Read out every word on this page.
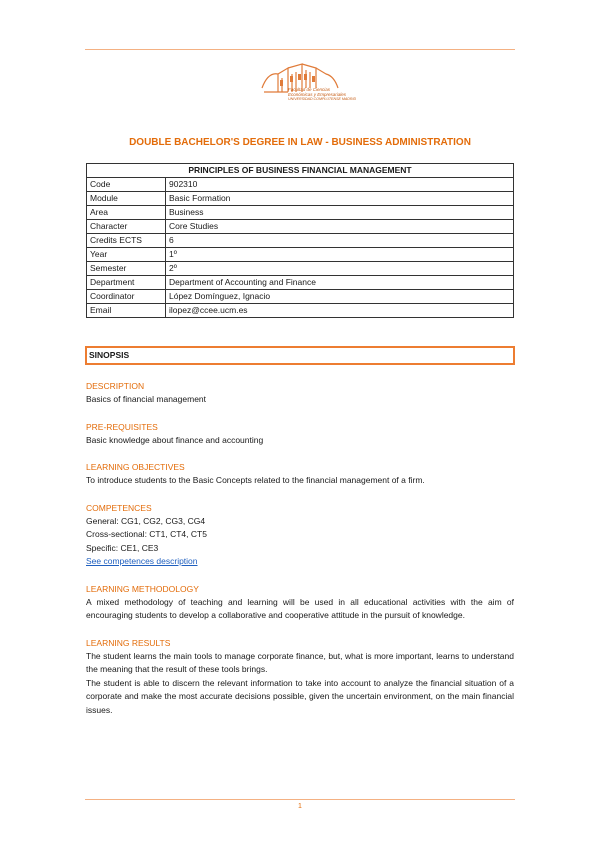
Facultad de Ciencias
Económicas y Empresariales
UNIVERSIDAD COMPLUTENSE MADRID
DOUBLE BACHELOR'S DEGREE IN LAW - BUSINESS ADMINISTRATION
PRINCIPLES OF BUSINESS FINANCIAL MANAGEMENT	
Code	902310
Module	Basic Formation
Area	Business
Character	Core Studies
Credits ECTS	6
Year	1º
Semester	2º
Department	Department of Accounting and Finance
Coordinator	López Domínguez, Ignacio
Email	ilopez@ccee.ucm.es
SINOPSIS
DESCRIPTION

Basics of financial management

PRE-REQUISITES

Basic knowledge about finance and accounting

LEARNING OBJECTIVES

To introduce students to the Basic Concepts related to the financial management of a firm.

COMPETENCES

General: CG1, CG2, CG3, CG4

Cross-sectional: CT1, CT4, CT5

Specific: CE1, CE3

See competences description

LEARNING METHODOLOGY

A mixed methodology of teaching and learning will be used in all educational activities with the aim of encouraging students to develop a collaborative and cooperative attitude in the pursuit of knowledge.

LEARNING RESULTS

The student learns the main tools to manage corporate finance, but, what is more important, learns to understand the meaning that the result of these tools brings.

The student is able to discern the relevant information to take into account to analyze the financial situation of a corporate and make the most accurate decisions possible, given the uncertain environment, on the main financial issues.

1
